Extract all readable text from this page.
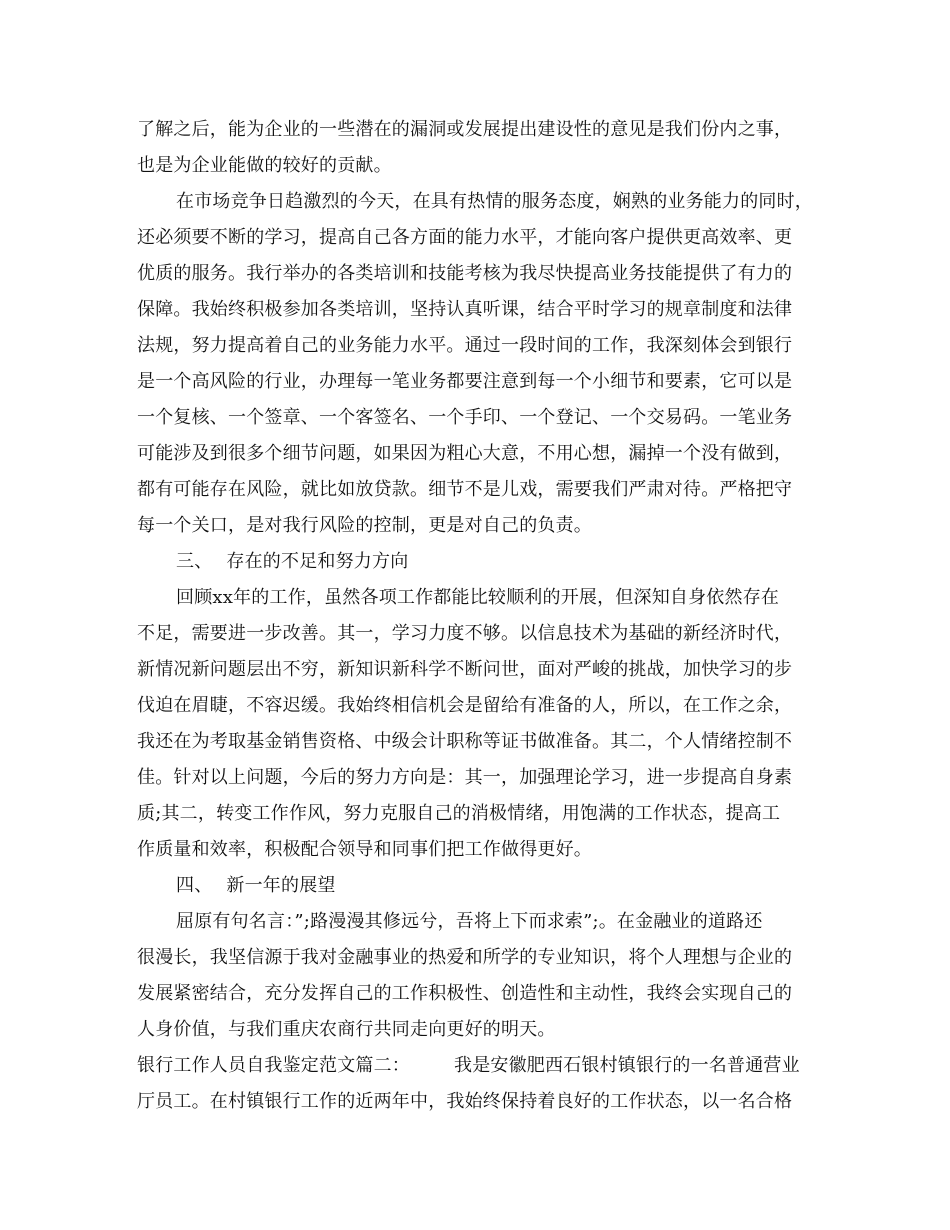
了解之后，能为企业的一些潜在的漏洞或发展提出建设性的意见是我们份内之事，
也是为企业能做的较好的贡献。
在市场竞争日趋激烈的今天，在具有热情的服务态度，娴熟的业务能力的同时，
还必须要不断的学习，提高自己各方面的能力水平，才能向客户提供更高效率、更
优质的服务。我行举办的各类培训和技能考核为我尽快提高业务技能提供了有力的
保障。我始终积极参加各类培训，坚持认真听课，结合平时学习的规章制度和法律
法规，努力提高着自己的业务能力水平。通过一段时间的工作，我深刻体会到银行
是一个高风险的行业，办理每一笔业务都要注意到每一个小细节和要素，它可以是
一个复核、一个签章、一个客签名、一个手印、一个登记、一个交易码。一笔业务
可能涉及到很多个细节问题，如果因为粗心大意，不用心想，漏掉一个没有做到，
都有可能存在风险，就比如放贷款。细节不是儿戏，需要我们严肃对待。严格把守
每一个关口，是对我行风险的控制，更是对自己的负责。
三、 存在的不足和努力方向
回顾xx年的工作，虽然各项工作都能比较顺利的开展，但深知自身依然存在
不足，需要进一步改善。其一，学习力度不够。以信息技术为基础的新经济时代，
新情况新问题层出不穷，新知识新科学不断问世，面对严峻的挑战，加快学习的步
伐迫在眉睫，不容迟缓。我始终相信机会是留给有准备的人，所以，在工作之余，
我还在为考取基金销售资格、中级会计职称等证书做准备。其二，个人情绪控制不
佳。针对以上问题，今后的努力方向是：其一，加强理论学习，进一步提高自身素
质;其二，转变工作作风，努力克服自己的消极情绪，用饱满的工作状态，提高工
作质量和效率，积极配合领导和同事们把工作做得更好。
四、 新一年的展望
屈原有句名言：”;路漫漫其修远兮，吾将上下而求索”;。在金融业的道路还
很漫长，我坚信源于我对金融事业的热爱和所学的专业知识，将个人理想与企业的
发展紧密结合，充分发挥自己的工作积极性、创造性和主动性，我终会实现自己的
人身价值，与我们重庆农商行共同走向更好的明天。
银行工作人员自我鉴定范文篇二： 我是安徽肥西石银村镇银行的一名普通营业
厅员工。在村镇银行工作的近两年中，我始终保持着良好的工作状态，以一名合格
